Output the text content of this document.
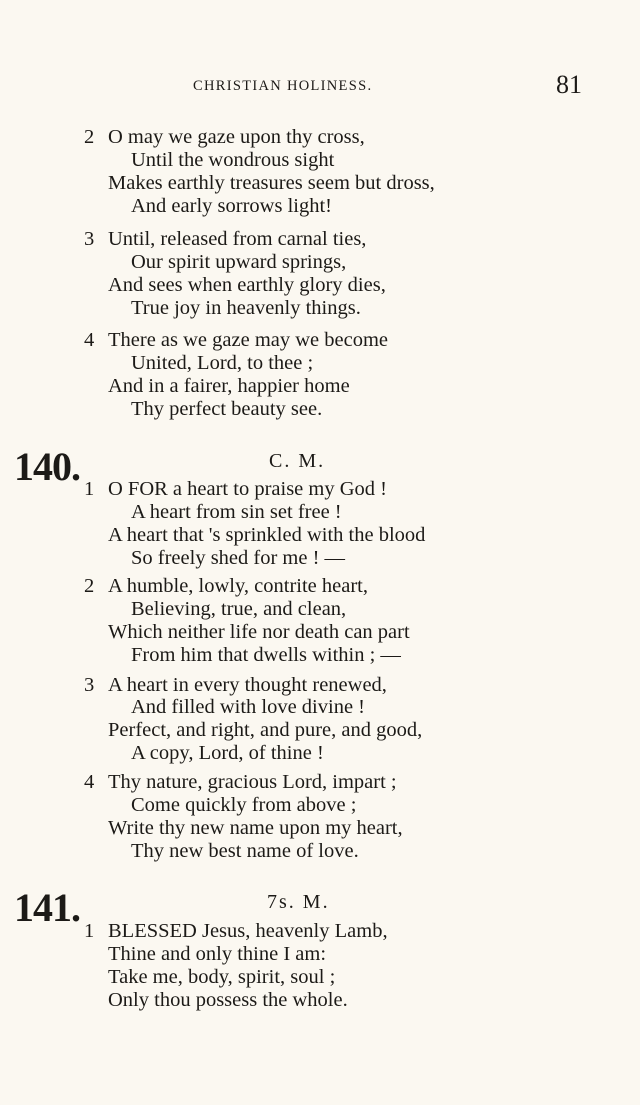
CHRISTIAN HOLINESS.	81
2 O may we gaze upon thy cross,
Until the wondrous sight
Makes earthly treasures seem but dross,
And early sorrows light!
3 Until, released from carnal ties,
Our spirit upward springs,
And sees when earthly glory dies,
True joy in heavenly things.
4 There as we gaze may we become
United, Lord, to thee ;
And in a fairer, happier home
Thy perfect beauty see.
140.	C. M.
1 O FOR a heart to praise my God !
A heart from sin set free !
A heart that 's sprinkled with the blood
So freely shed for me ! —
2 A humble, lowly, contrite heart,
Believing, true, and clean,
Which neither life nor death can part
From him that dwells within ; —
3 A heart in every thought renewed,
And filled with love divine !
Perfect, and right, and pure, and good,
A copy, Lord, of thine !
4 Thy nature, gracious Lord, impart ;
Come quickly from above ;
Write thy new name upon my heart,
Thy new best name of love.
141.	7s. M.
1 BLESSED Jesus, heavenly Lamb,
Thine and only thine I am:
Take me, body, spirit, soul ;
Only thou possess the whole.
